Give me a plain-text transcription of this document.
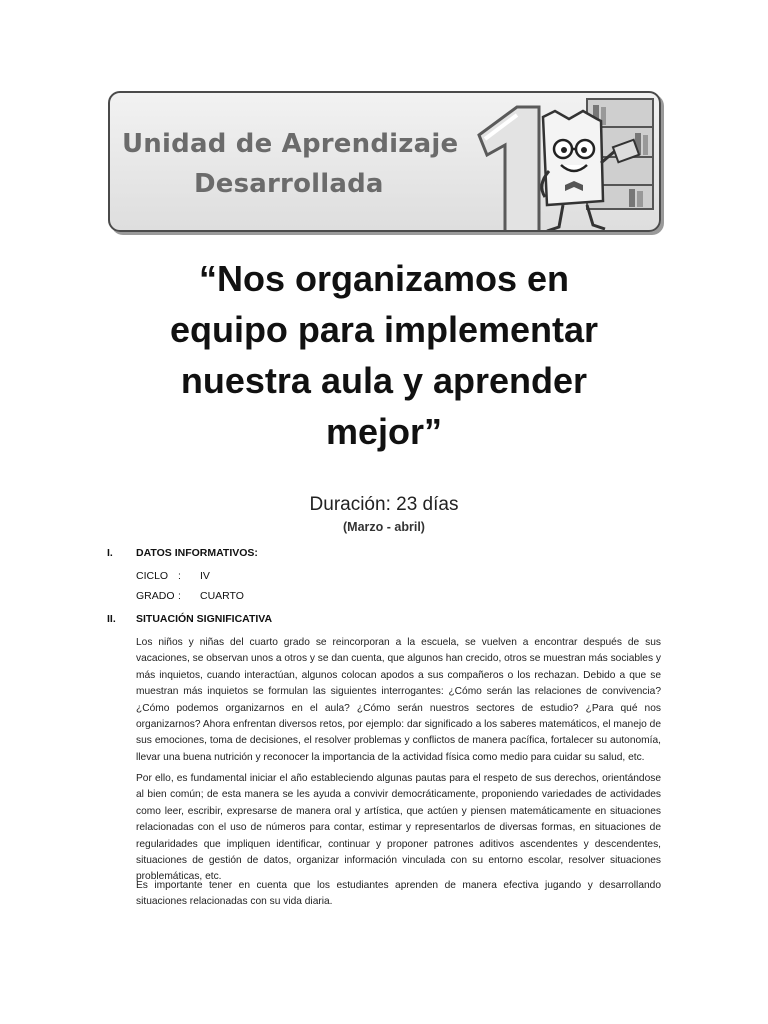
Unidad de Aprendizaje
Desarrollada
“Nos organizamos en
equipo para implementar
nuestra aula y aprender
mejor”
Duración: 23 días
(Marzo - abril)
I. DATOS INFORMATIVOS:
CICLO : IV
GRADO : CUARTO
II. SITUACIÓN SIGNIFICATIVA
Los niños y niñas del cuarto grado se reincorporan a la escuela, se vuelven a encontrar después de sus vacaciones, se observan unos a otros y se dan cuenta, que algunos han crecido, otros se muestran más sociables y más inquietos, cuando interactúan, algunos colocan apodos a sus compañeros o los rechazan. Debido a que se muestran más inquietos se formulan las siguientes interrogantes: ¿Cómo serán las relaciones de convivencia? ¿Cómo podemos organizarnos en el aula? ¿Cómo serán nuestros sectores de estudio? ¿Para qué nos organizarnos? Ahora enfrentan diversos retos, por ejemplo: dar significado a los saberes matemáticos, el manejo de sus emociones, toma de decisiones, el resolver problemas y conflictos de manera pacífica, fortalecer su autonomía, llevar una buena nutrición y reconocer la importancia de la actividad física como medio para cuidar su salud, etc.
Por ello, es fundamental iniciar el año estableciendo algunas pautas para el respeto de sus derechos, orientándose al bien común; de esta manera se les ayuda a convivir democráticamente, proponiendo variedades de actividades como leer, escribir, expresarse de manera oral y artística, que actúen y piensen matemáticamente en situaciones relacionadas con el uso de números para contar, estimar y representarlos de diversas formas, en situaciones de regularidades que impliquen identificar, continuar y proponer patrones aditivos ascendentes y descendentes, situaciones de gestión de datos, organizar información vinculada con su entorno escolar, resolver situaciones problemáticas, etc.
Es importante tener en cuenta que los estudiantes aprenden de manera efectiva jugando y desarrollando situaciones relacionadas con su vida diaria.
